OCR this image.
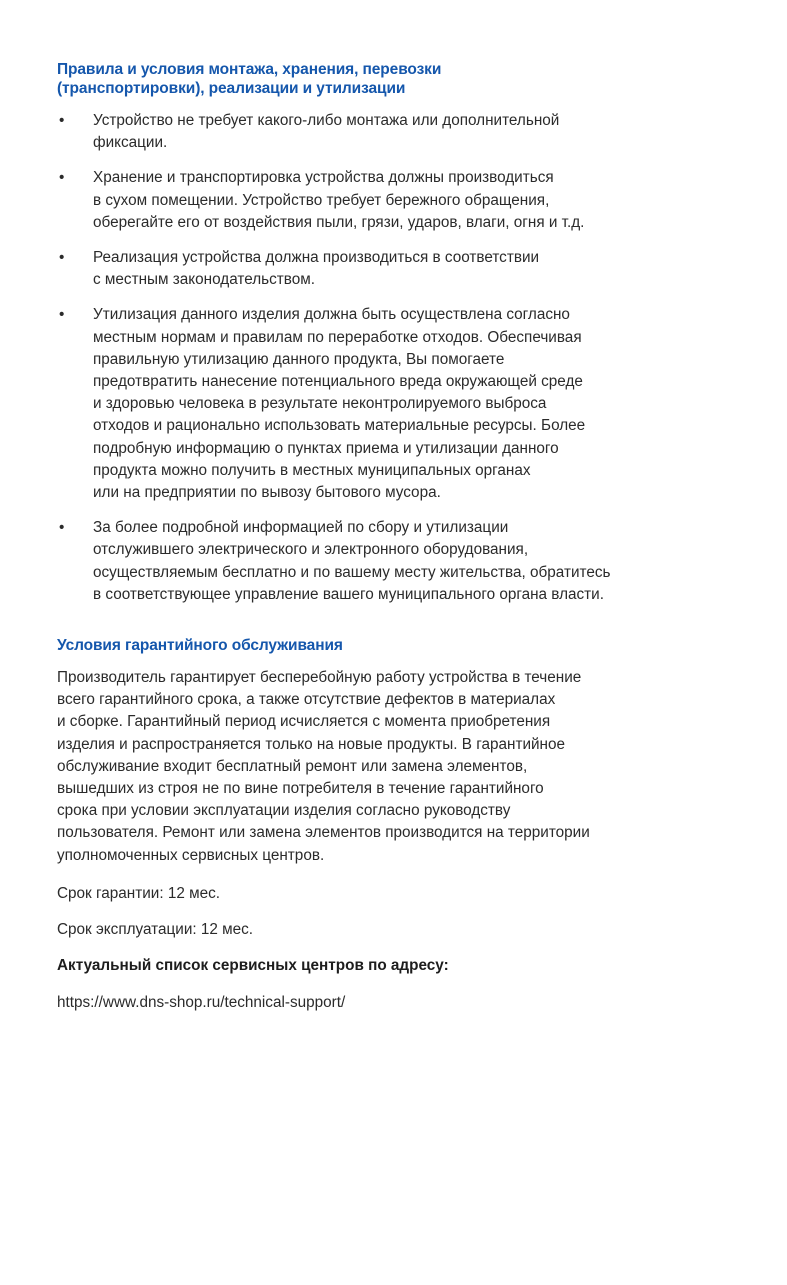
Правила и условия монтажа, хранения, перевозки
(транспортировки), реализации и утилизации
• Устройство не требует какого-либо монтажа или дополнительной
фиксации.
• Хранение и транспортировка устройства должны производиться
в сухом помещении. Устройство требует бережного обращения,
оберегайте его от воздействия пыли, грязи, ударов, влаги, огня и т.д.
• Реализация устройства должна производиться в соответствии
с местным законодательством.
• Утилизация данного изделия должна быть осуществлена согласно
местным нормам и правилам по переработке отходов. Обеспечивая
правильную утилизацию данного продукта, Вы помогаете
предотвратить нанесение потенциального вреда окружающей среде
и здоровью человека в результате неконтролируемого выброса
отходов и рационально использовать материальные ресурсы. Более
подробную информацию о пунктах приема и утилизации данного
продукта можно получить в местных муниципальных органах
или на предприятии по вывозу бытового мусора.
• За более подробной информацией по сбору и утилизации
отслужившего электрического и электронного оборудования,
осуществляемым бесплатно и по вашему месту жительства, обратитесь
в соответствующее управление вашего муниципального органа власти.
Условия гарантийного обслуживания

Производитель гарантирует бесперебойную работу устройства в течение
всего гарантийного срока, а также отсутствие дефектов в материалах
и сборке. Гарантийный период исчисляется с момента приобретения
изделия и распространяется только на новые продукты. В гарантийное
обслуживание входит бесплатный ремонт или замена элементов,
вышедших из строя не по вине потребителя в течение гарантийного
срока при условии эксплуатации изделия согласно руководству
пользователя. Ремонт или замена элементов производится на территории
уполномоченных сервисных центров.

Срок гарантии: 12 мес.

Срок эксплуатации: 12 мес.

Актуальный список сервисных центров по адресу:

https://www.dns-shop.ru/technical-support/
